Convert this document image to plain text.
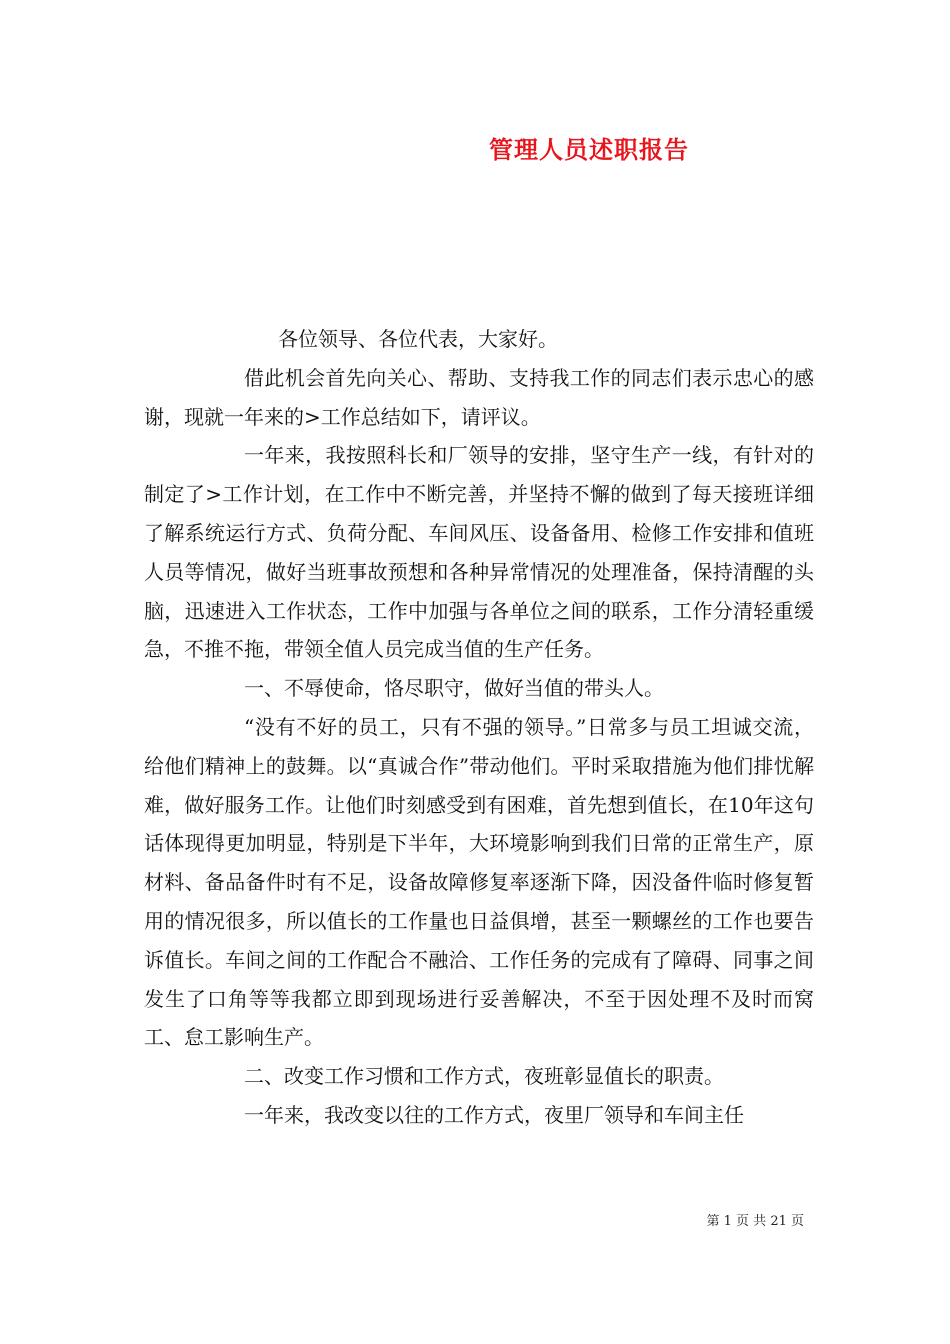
管理人员述职报告

各位领导、各位代表，大家好。

借此机会首先向关心、帮助、支持我工作的同志们表示忠心的感谢，现就一年来的>工作总结如下，请评议。

一年来，我按照科长和厂领导的安排，坚守生产一线，有针对的制定了>工作计划，在工作中不断完善，并坚持不懈的做到了每天接班详细了解系统运行方式、负荷分配、车间风压、设备备用、检修工作安排和值班人员等情况，做好当班事故预想和各种异常情况的处理准备，保持清醒的头脑，迅速进入工作状态，工作中加强与各单位之间的联系，工作分清轻重缓急，不推不拖，带领全值人员完成当值的生产任务。

一、不辱使命，恪尽职守，做好当值的带头人。

“没有不好的员工，只有不强的领导。”日常多与员工坦诚交流，给他们精神上的鼓舞。以“真诚合作”带动他们。平时采取措施为他们排忧解难，做好服务工作。让他们时刻感受到有困难，首先想到值长，在10年这句话体现得更加明显，特别是下半年，大环境影响到我们日常的正常生产，原材料、备品备件时有不足，设备故障修复率逐渐下降，因没备件临时修复暂用的情况很多，所以值长的工作量也日益俱增，甚至一颗螺丝的工作也要告诉值长。车间之间的工作配合不融洽、工作任务的完成有了障碍、同事之间发生了口角等等我都立即到现场进行妥善解决，不至于因处理不及时而窝工、怠工影响生产。

二、改变工作习惯和工作方式，夜班彰显值长的职责。

一年来，我改变以往的工作方式，夜里厂领导和车间主任

第 1 页 共 21 页
